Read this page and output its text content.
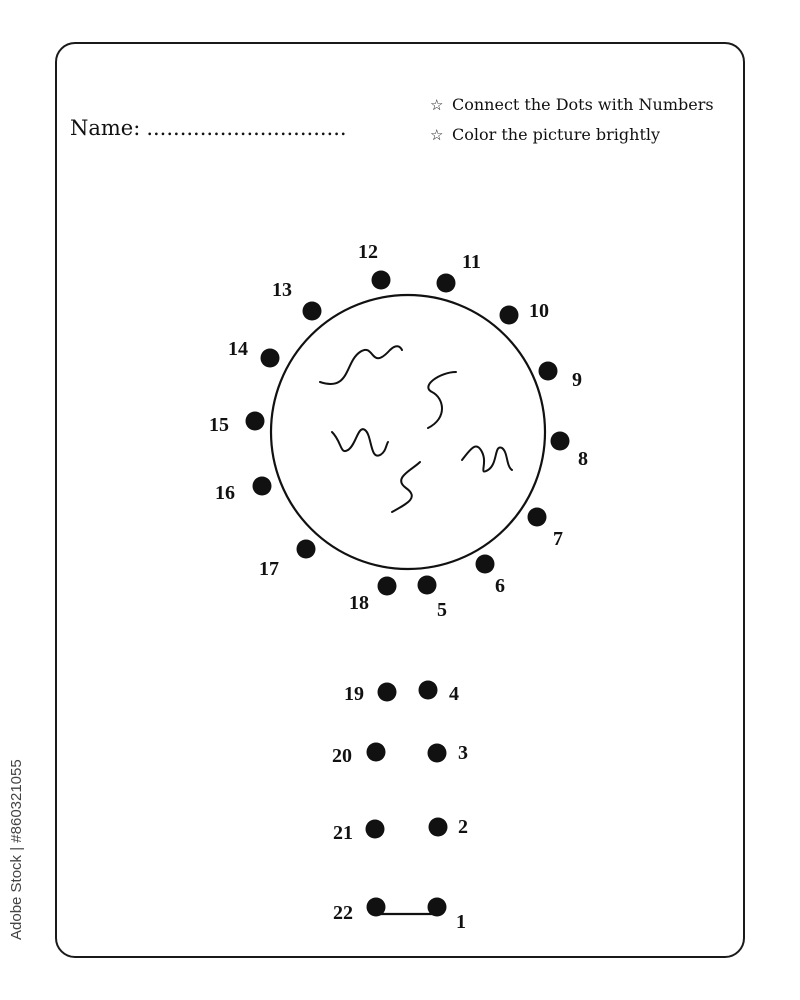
Name: ..............................
☆ Connect the Dots with Numbers
☆ Color the picture brightly
1
2
3
4
5
6
7
8
9
10
11
12
13
14
15
16
17
18
19
20
21
22
Adobe Stock | #860321055
